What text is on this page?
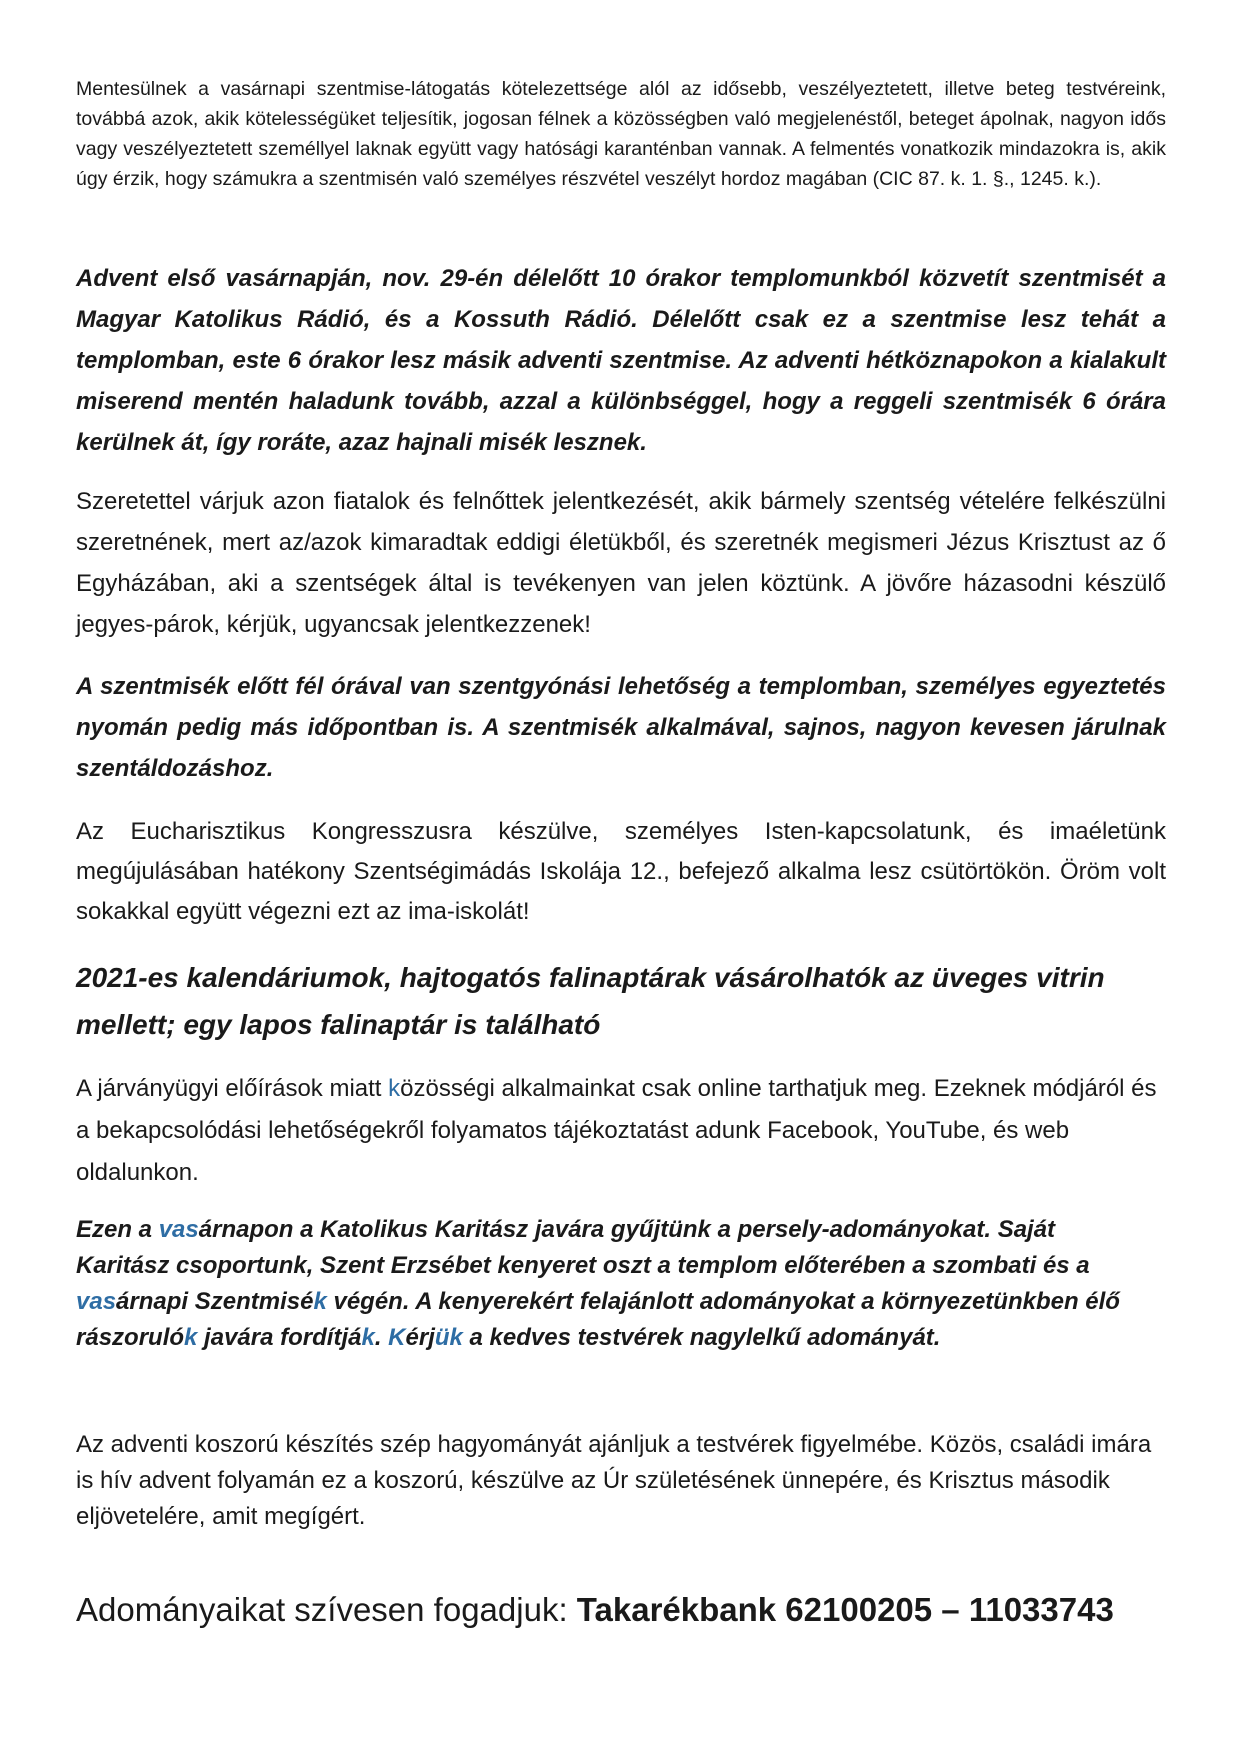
Mentesülnek a vasárnapi szentmise-látogatás kötelezettsége alól az idősebb, veszélyeztetett, illetve beteg testvéreink, továbbá azok, akik kötelességüket teljesítik, jogosan félnek a közösségben való megjelenéstől, beteget ápolnak, nagyon idős vagy veszélyeztetett személlyel laknak együtt vagy hatósági karanténban vannak. A felmentés vonatkozik mindazokra is, akik úgy érzik, hogy számukra a szentmisén való személyes részvétel veszélyt hordoz magában (CIC 87. k. 1. §., 1245. k.).

Advent első vasárnapján, nov. 29-én délelőtt 10 órakor templomunkból közvetít szentmisét a Magyar Katolikus Rádió, és a Kossuth Rádió. Délelőtt csak ez a szentmise lesz tehát a templomban, este 6 órakor lesz másik adventi szentmise. Az adventi hétköznapokon a kialakult miserend mentén haladunk tovább, azzal a különbséggel, hogy a reggeli szentmisék 6 órára kerülnek át, így roráte, azaz hajnali misék lesznek.

Szeretettel várjuk azon fiatalok és felnőttek jelentkezését, akik bármely szentség vételére felkészülni szeretnének, mert az/azok kimaradtak eddigi életükből, és szeretnék megismeri Jézus Krisztust az ő Egyházában, aki a szentségek által is tevékenyen van jelen köztünk. A jövőre házasodni készülő jegyes-párok, kérjük, ugyancsak jelentkezzenek!

A szentmisék előtt fél órával van szentgyónási lehetőség a templomban, személyes egyeztetés nyomán pedig más időpontban is. A szentmisék alkalmával, sajnos, nagyon kevesen járulnak szentáldozáshoz.

Az Eucharisztikus Kongresszusra készülve, személyes Isten-kapcsolatunk, és imaéletünk megújulásában hatékony Szentségimádás Iskolája 12., befejező alkalma lesz csütörtökön. Öröm volt sokakkal együtt végezni ezt az ima-iskolát!

2021-es kalendáriumok, hajtogatós falinaptárak vásárolhatók az üveges vitrin mellett; egy lapos falinaptár is található

A járványügyi előírások miatt közösségi alkalmainkat csak online tarthatjuk meg. Ezeknek módjáról és a bekapcsolódási lehetőségekről folyamatos tájékoztatást adunk Facebook, YouTube, és web oldalunkon.

Ezen a vasárnapon a Katolikus Karitász javára gyűjtünk a persely-adományokat. Saját Karitász csoportunk, Szent Erzsébet kenyeret oszt a templom előterében a szombati és a vasárnapi Szentmisék végén. A kenyerekért felajánlott adományokat a környezetünkben élő rászorulók javára fordítják. Kérjük a kedves testvérek nagylelkű adományát.

Az adventi koszorú készítés szép hagyományát ajánljuk a testvérek figyelmébe. Közös, családi imára is hív advent folyamán ez a koszorú, készülve az Úr születésének ünnepére, és Krisztus második eljövetelére, amit megígért.

Adományaikat szívesen fogadjuk: Takarékbank 62100205 – 11033743
